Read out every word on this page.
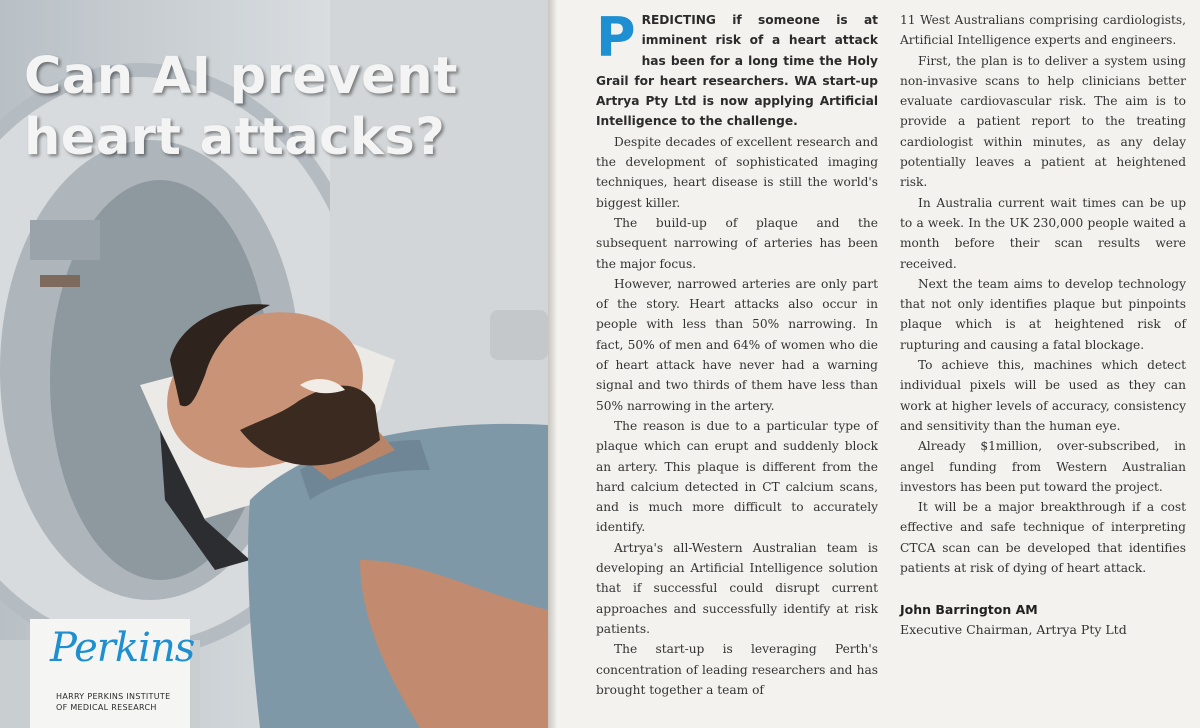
Can AI prevent
heart attacks?
Perkins
HARRY PERKINS INSTITUTE
OF MEDICAL RESEARCH

PREDICTING if someone is at imminent risk of a heart attack has been for a long time the Holy Grail for heart researchers. WA start-up Artrya Pty Ltd is now applying Artificial Intelligence to the challenge.

Despite decades of excellent research and the development of sophisticated imaging techniques, heart disease is still the world's biggest killer.

The build-up of plaque and the subsequent narrowing of arteries has been the major focus.

However, narrowed arteries are only part of the story. Heart attacks also occur in people with less than 50% narrowing. In fact, 50% of men and 64% of women who die of heart attack have never had a warning signal and two thirds of them have less than 50% narrowing in the artery.

The reason is due to a particular type of plaque which can erupt and suddenly block an artery. This plaque is different from the hard calcium detected in CT calcium scans, and is much more difficult to accurately identify.

Artrya's all-Western Australian team is developing an Artificial Intelligence solution that if successful could disrupt current approaches and successfully identify at risk patients.

The start-up is leveraging Perth's concentration of leading researchers and has brought together a team of

11 West Australians comprising cardiologists, Artificial Intelligence experts and engineers.

First, the plan is to deliver a system using non-invasive scans to help clinicians better evaluate cardiovascular risk. The aim is to provide a patient report to the treating cardiologist within minutes, as any delay potentially leaves a patient at heightened risk.

In Australia current wait times can be up to a week. In the UK 230,000 people waited a month before their scan results were received.

Next the team aims to develop technology that not only identifies plaque but pinpoints plaque which is at heightened risk of rupturing and causing a fatal blockage.

To achieve this, machines which detect individual pixels will be used as they can work at higher levels of accuracy, consistency and sensitivity than the human eye.

Already $1million, over-subscribed, in angel funding from Western Australian investors has been put toward the project.

It will be a major breakthrough if a cost effective and safe technique of interpreting CTCA scan can be developed that identifies patients at risk of dying of heart attack.

John Barrington AM
Executive Chairman, Artrya Pty Ltd
